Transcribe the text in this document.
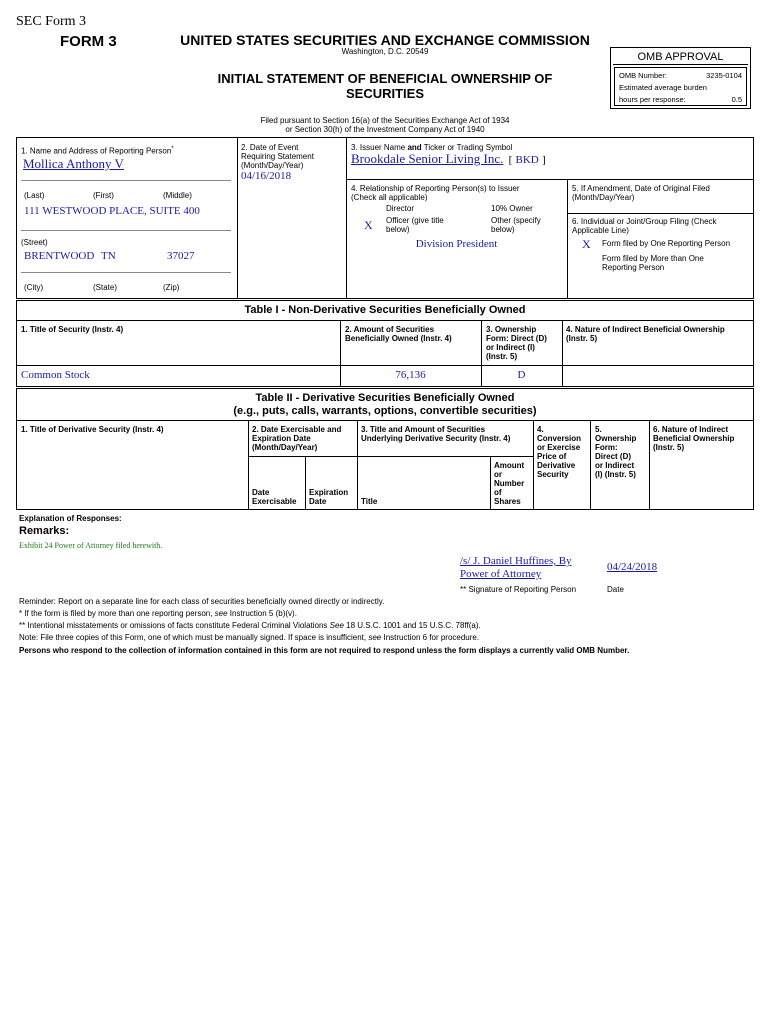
SEC Form 3
FORM 3	UNITED STATES SECURITIES AND EXCHANGE COMMISSION
Washington, D.C. 20549
INITIAL STATEMENT OF BENEFICIAL OWNERSHIP OF
SECURITIES
OMB APPROVAL
OMB Number:	3235-0104
Estimated average burden
hours per response:	0.5
Filed pursuant to Section 16(a) of the Securities Exchange Act of 1934
or Section 30(h) of the Investment Company Act of 1940
1. Name and Address of Reporting Person*
Mollica Anthony V
(Last)	(First)	(Middle)
111 WESTWOOD PLACE, SUITE 400
(Street)
BRENTWOOD TN	37027
(City)	(State)	(Zip)
2. Date of Event
Requiring Statement
(Month/Day/Year)
04/16/2018
3. Issuer Name and Ticker or Trading Symbol
Brookdale Senior Living Inc. [ BKD ]
4. Relationship of Reporting Person(s) to Issuer
(Check all applicable)
Director	10% Owner
X Officer (give title
below)
Other (specify
below)
Division President
5. If Amendment, Date of Original Filed
(Month/Day/Year)
6. Individual or Joint/Group Filing (Check
Applicable Line)
X Form filed by One Reporting Person
Form filed by More than One
Reporting Person
Table I - Non-Derivative Securities Beneficially Owned
1. Title of Security (Instr. 4)	2. Amount of Securities
Beneficially Owned (Instr. 4)
3. Ownership
Form: Direct (D)
or Indirect (I)
(Instr. 5)
4. Nature of Indirect Beneficial Ownership
(Instr. 5)
Common Stock	76,136	D
Table II - Derivative Securities Beneficially Owned
(e.g., puts, calls, warrants, options, convertible securities)
1. Title of Derivative Security (Instr. 4)	2. Date Exercisable and
Expiration Date
(Month/Day/Year)
3. Title and Amount of Securities
Underlying Derivative Security (Instr. 4)
4.
Conversion
or Exercise
Price of
Derivative
Security
5.
Ownership
Form:
Direct (D)
or Indirect
(I) (Instr. 5)
6. Nature of Indirect
Beneficial Ownership
(Instr. 5)
Date
Exercisable
Expiration
Date	Title
Amount
or
Number
of
Shares
Explanation of Responses:
Remarks:
Exhibit 24 Power of Attorney filed herewith.
/s/ J. Daniel Huffines, By
Power of Attorney
04/24/2018
** Signature of Reporting Person	Date
Reminder: Report on a separate line for each class of securities beneficially owned directly or indirectly.
* If the form is filed by more than one reporting person, see Instruction 5 (b)(v).
** Intentional misstatements or omissions of facts constitute Federal Criminal Violations See 18 U.S.C. 1001 and 15 U.S.C. 78ff(a).
Note: File three copies of this Form, one of which must be manually signed. If space is insufficient, see Instruction 6 for procedure.
Persons who respond to the collection of information contained in this form are not required to respond unless the form displays a currently valid OMB Number.
